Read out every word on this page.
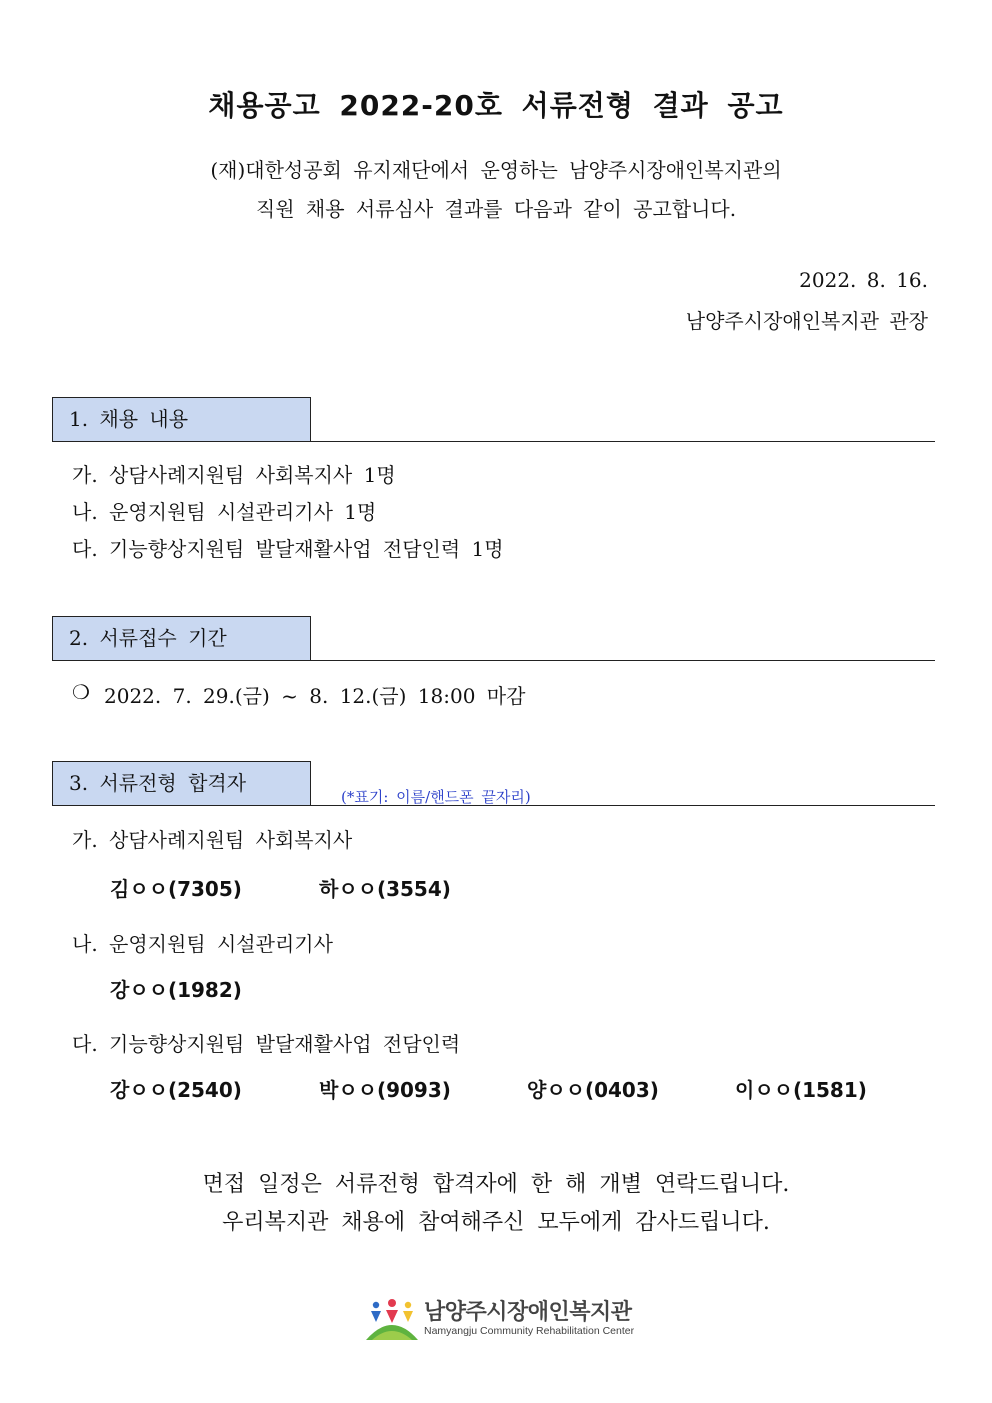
채용공고 2022-20호 서류전형 결과 공고
(재)대한성공회 유지재단에서 운영하는 남양주시장애인복지관의
직원 채용 서류심사 결과를 다음과 같이 공고합니다.
2022. 8. 16.
남양주시장애인복지관 관장
1. 채용 내용
가. 상담사례지원팀 사회복지사 1명
나. 운영지원팀 시설관리기사 1명
다. 기능향상지원팀 발달재활사업 전담인력 1명
2. 서류접수 기간
❍ 2022. 7. 29.(금) ~ 8. 12.(금) 18:00 마감
3. 서류전형 합격자
(*표기: 이름/핸드폰 끝자리)
가. 상담사례지원팀 사회복지사
김ㅇㅇ(7305)	하ㅇㅇ(3554)
나. 운영지원팀 시설관리기사
강ㅇㅇ(1982)
다. 기능향상지원팀 발달재활사업 전담인력
강ㅇㅇ(2540)	박ㅇㅇ(9093)	양ㅇㅇ(0403)	이ㅇㅇ(1581)
면접 일정은 서류전형 합격자에 한 해 개별 연락드립니다.
우리복지관 채용에 참여해주신 모두에게 감사드립니다.
남양주시장애인복지관
Namyangju Community Rehabilitation Center
